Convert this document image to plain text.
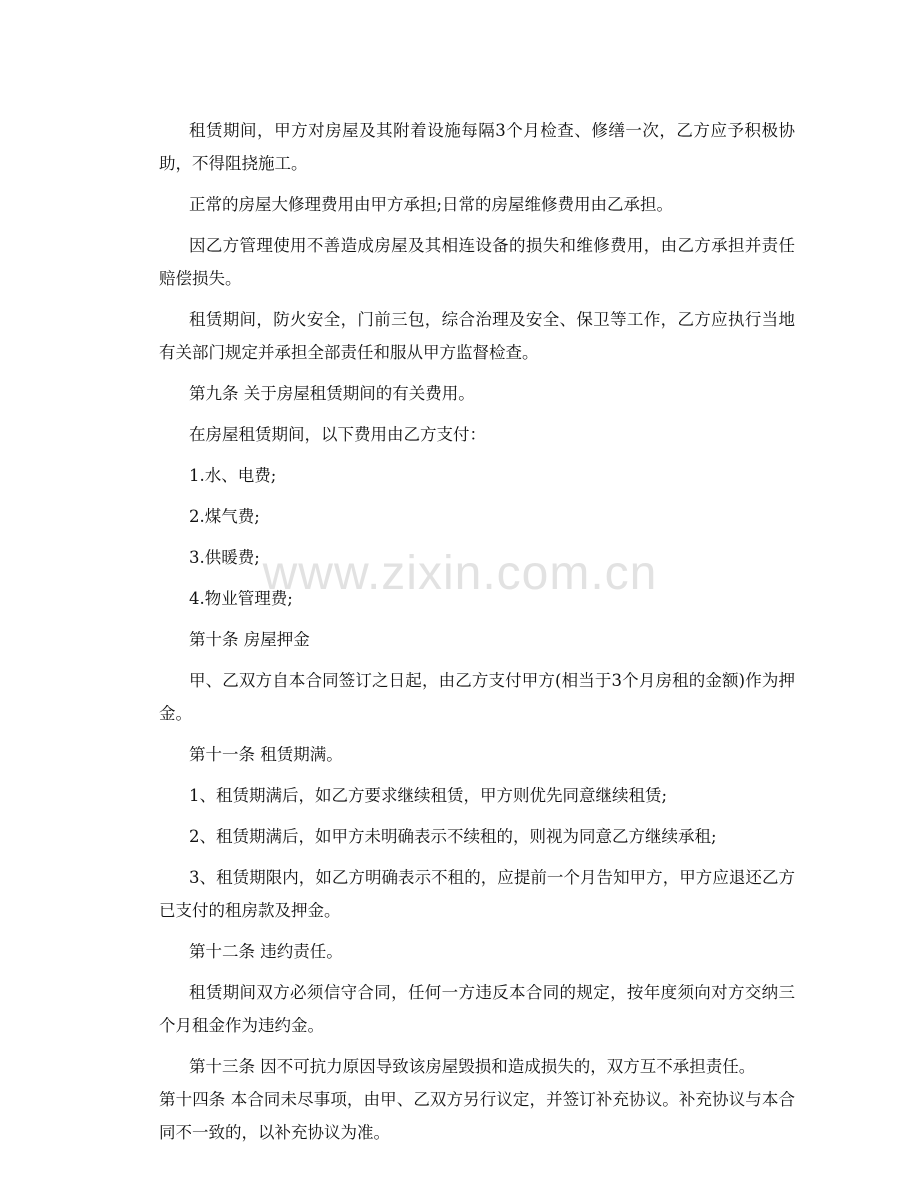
租赁期间，甲方对房屋及其附着设施每隔3个月检查、修缮一次，乙方应予积极协助，不得阻挠施工。

正常的房屋大修理费用由甲方承担;日常的房屋维修费用由乙承担。

因乙方管理使用不善造成房屋及其相连设备的损失和维修费用，由乙方承担并责任赔偿损失。

租赁期间，防火安全，门前三包，综合治理及安全、保卫等工作，乙方应执行当地有关部门规定并承担全部责任和服从甲方监督检查。

第九条 关于房屋租赁期间的有关费用。

在房屋租赁期间，以下费用由乙方支付：

1.水、电费;

2.煤气费;

3.供暖费;

4.物业管理费;

第十条 房屋押金

甲、乙双方自本合同签订之日起，由乙方支付甲方(相当于3个月房租的金额)作为押金。

第十一条 租赁期满。

1、租赁期满后，如乙方要求继续租赁，甲方则优先同意继续租赁;

2、租赁期满后，如甲方未明确表示不续租的，则视为同意乙方继续承租;

3、租赁期限内，如乙方明确表示不租的，应提前一个月告知甲方，甲方应退还乙方已支付的租房款及押金。

第十二条 违约责任。

租赁期间双方必须信守合同，任何一方违反本合同的规定，按年度须向对方交纳三个月租金作为违约金。

第十三条 因不可抗力原因导致该房屋毁损和造成损失的，双方互不承担责任。

第十四条 本合同未尽事项，由甲、乙双方另行议定，并签订补充协议。补充协议与本合同不一致的，以补充协议为准。

www.zixin.com.cn
